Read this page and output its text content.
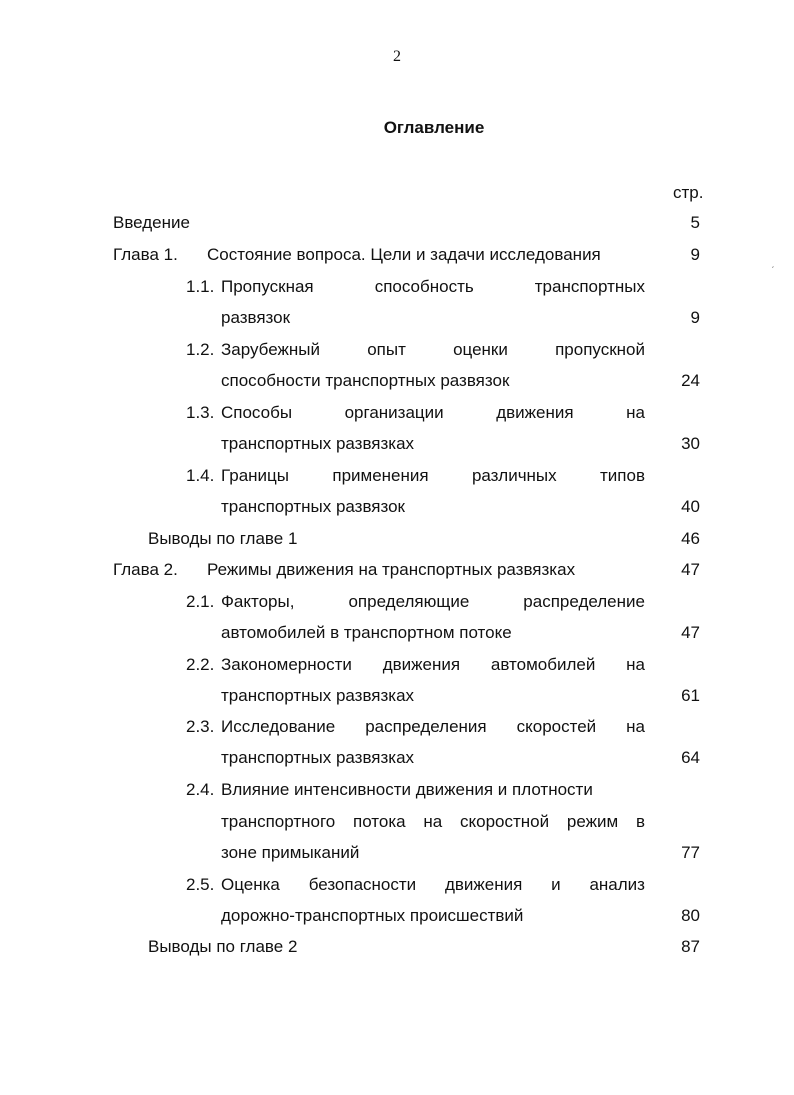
2
Оглавление
стр.
Введение	5
Глава 1. Состояние вопроса. Цели и задачи исследования	9
1.1. Пропускная	способность	транспортных
развязок	9
1.2. Зарубежный	опыт	оценки	пропускной
способности транспортных развязок	24
1.3. Способы	организации	движения	на
транспортных развязках	30
1.4. Границы	применения	различных	типов
транспортных развязок	40
Выводы по главе 1	46
Глава 2. Режимы движения на транспортных развязках	47
2.1. Факторы,	определяющие	распределение
автомобилей в транспортном потоке	47
2.2. Закономерности движения автомобилей на
транспортных развязках	61
2.3. Исследование распределения скоростей на
транспортных развязках	64
2.4. Влияние интенсивности движения и плотности
транспортного потока на скоростной режим в
зоне примыканий	77
2.5. Оценка безопасности движения и анализ
дорожно-транспортных происшествий	80
Выводы по главе 2	87
ˏ
